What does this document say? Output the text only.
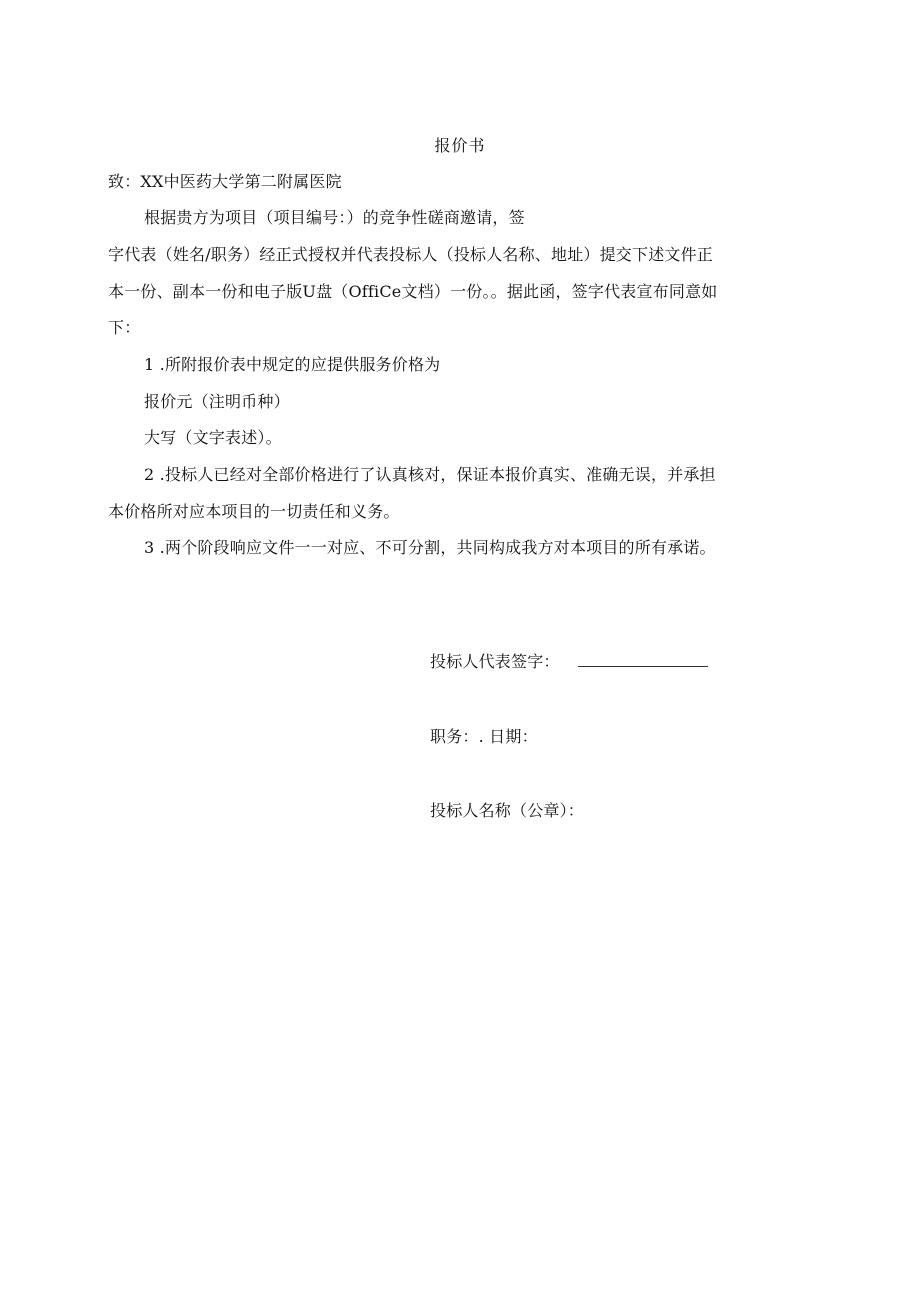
报价书
致：XX中医药大学第二附属医院
根据贵方为项目（项目编号：）的竞争性磋商邀请，签
字代表（姓名/职务）经正式授权并代表投标人（投标人名称、地址）提交下述文件正
本一份、副本一份和电子版U盘（OffiCe文档）一份。。据此函，签字代表宣布同意如
下：
1 .所附报价表中规定的应提供服务价格为
报价元（注明币种）
大写（文字表述）。
2 .投标人已经对全部价格进行了认真核对，保证本报价真实、准确无误，并承担
本价格所对应本项目的一切责任和义务。
3 .两个阶段响应文件一一对应、不可分割，共同构成我方对本项目的所有承诺。
投标人代表签字：
职务：. 日期：
投标人名称（公章）：
